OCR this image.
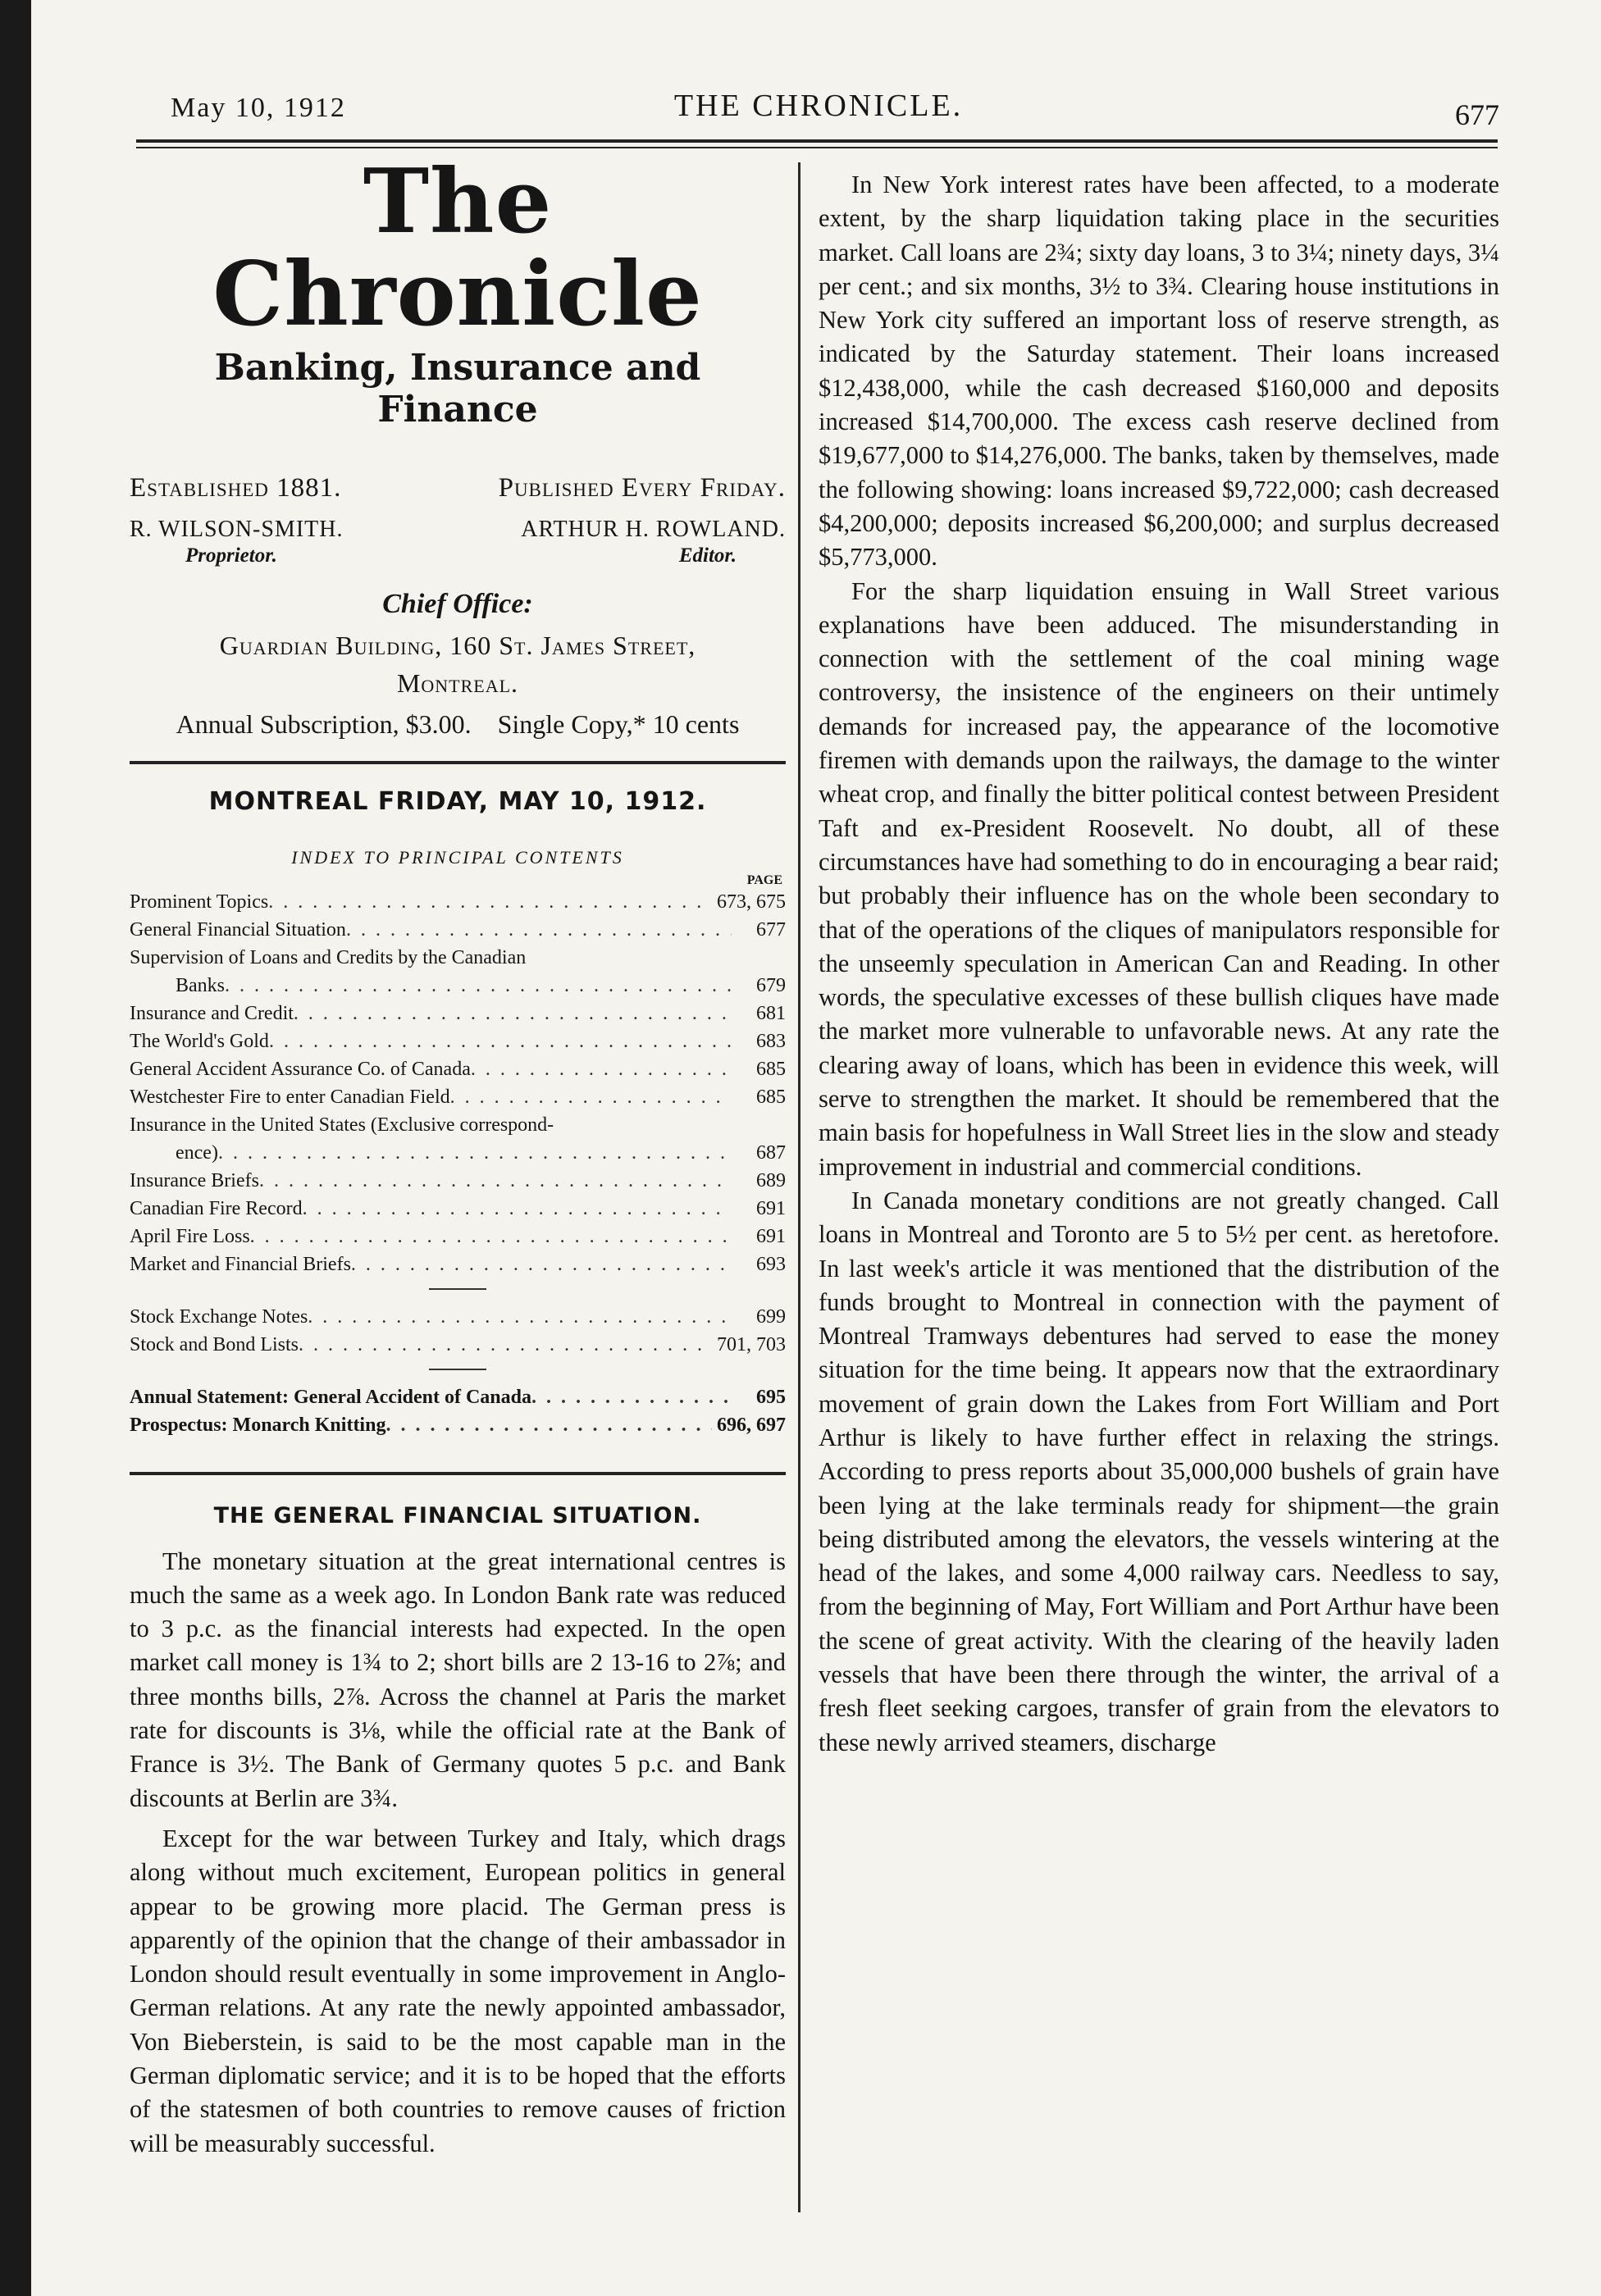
May 10, 1912	THE CHRONICLE.	677
The Chronicle
Banking, Insurance and Finance
Established 1881.	Published Every Friday.
R. WILSON-SMITH.	ARTHUR H. ROWLAND.
Proprietor.	Editor.
Chief Office:
Guardian Building, 160 St. James Street,
Montreal.
Annual Subscription, $3.00. Single Copy,* 10 cents
MONTREAL FRIDAY, MAY 10, 1912.
INDEX TO PRINCIPAL CONTENTS
PAGE
Prominent Topics . . .	673, 675
General Financial Situation . . .	677
Supervision of Loans and Credits by the Canadian
Banks . . .	679
Insurance and Credit . . .	681
The World's Gold . . .	683
General Accident Assurance Co. of Canada . . .	685
Westchester Fire to enter Canadian Field . . .	685
Insurance in the United States (Exclusive correspond-
ence) . . .	687
Insurance Briefs . . .	689
Canadian Fire Record . . .	691
April Fire Loss . . .	691
Market and Financial Briefs . . .	693
Stock Exchange Notes . . .	699
Stock and Bond Lists . . .	701, 703
Annual Statement: General Accident of Canada . . .	695
Prospectus: Monarch Knitting . . .	696, 697
THE GENERAL FINANCIAL SITUATION.

The monetary situation at the great international centres is much the same as a week ago. In London Bank rate was reduced to 3 p.c. as the financial interests had expected. In the open market call money is 1¾ to 2; short bills are 2 13-16 to 2⅞; and three months bills, 2⅞. Across the channel at Paris the market rate for discounts is 3⅛, while the official rate at the Bank of France is 3½. The Bank of Germany quotes 5 p.c. and Bank discounts at Berlin are 3¾.

Except for the war between Turkey and Italy, which drags along without much excitement, European politics in general appear to be growing more placid. The German press is apparently of the opinion that the change of their ambassador in London should result eventually in some improvement in Anglo-German relations. At any rate the newly appointed ambassador, Von Bieberstein, is said to be the most capable man in the German diplomatic service; and it is to be hoped that the efforts of the statesmen of both countries to remove causes of friction will be measurably successful.

In New York interest rates have been affected, to a moderate extent, by the sharp liquidation taking place in the securities market. Call loans are 2¾; sixty day loans, 3 to 3¼; ninety days, 3¼ per cent.; and six months, 3½ to 3¾. Clearing house institutions in New York city suffered an important loss of reserve strength, as indicated by the Saturday statement. Their loans increased $12,438,000, while the cash decreased $160,000 and deposits increased $14,700,000. The excess cash reserve declined from $19,677,000 to $14,276,000. The banks, taken by themselves, made the following showing: loans increased $9,722,000; cash decreased $4,200,000; deposits increased $6,200,000; and surplus decreased $5,773,000.

For the sharp liquidation ensuing in Wall Street various explanations have been adduced. The misunderstanding in connection with the settlement of the coal mining wage controversy, the insistence of the engineers on their untimely demands for increased pay, the appearance of the locomotive firemen with demands upon the railways, the damage to the winter wheat crop, and finally the bitter political contest between President Taft and ex-President Roosevelt. No doubt, all of these circumstances have had something to do in encouraging a bear raid; but probably their influence has on the whole been secondary to that of the operations of the cliques of manipulators responsible for the unseemly speculation in American Can and Reading. In other words, the speculative excesses of these bullish cliques have made the market more vulnerable to unfavorable news. At any rate the clearing away of loans, which has been in evidence this week, will serve to strengthen the market. It should be remembered that the main basis for hopefulness in Wall Street lies in the slow and steady improvement in industrial and commercial conditions.

In Canada monetary conditions are not greatly changed. Call loans in Montreal and Toronto are 5 to 5½ per cent. as heretofore. In last week's article it was mentioned that the distribution of the funds brought to Montreal in connection with the payment of Montreal Tramways debentures had served to ease the money situation for the time being. It appears now that the extraordinary movement of grain down the Lakes from Fort William and Port Arthur is likely to have further effect in relaxing the strings. According to press reports about 35,000,000 bushels of grain have been lying at the lake terminals ready for shipment—the grain being distributed among the elevators, the vessels wintering at the head of the lakes, and some 4,000 railway cars. Needless to say, from the beginning of May, Fort William and Port Arthur have been the scene of great activity. With the clearing of the heavily laden vessels that have been there through the winter, the arrival of a fresh fleet seeking cargoes, transfer of grain from the elevators to these newly arrived steamers, discharge
